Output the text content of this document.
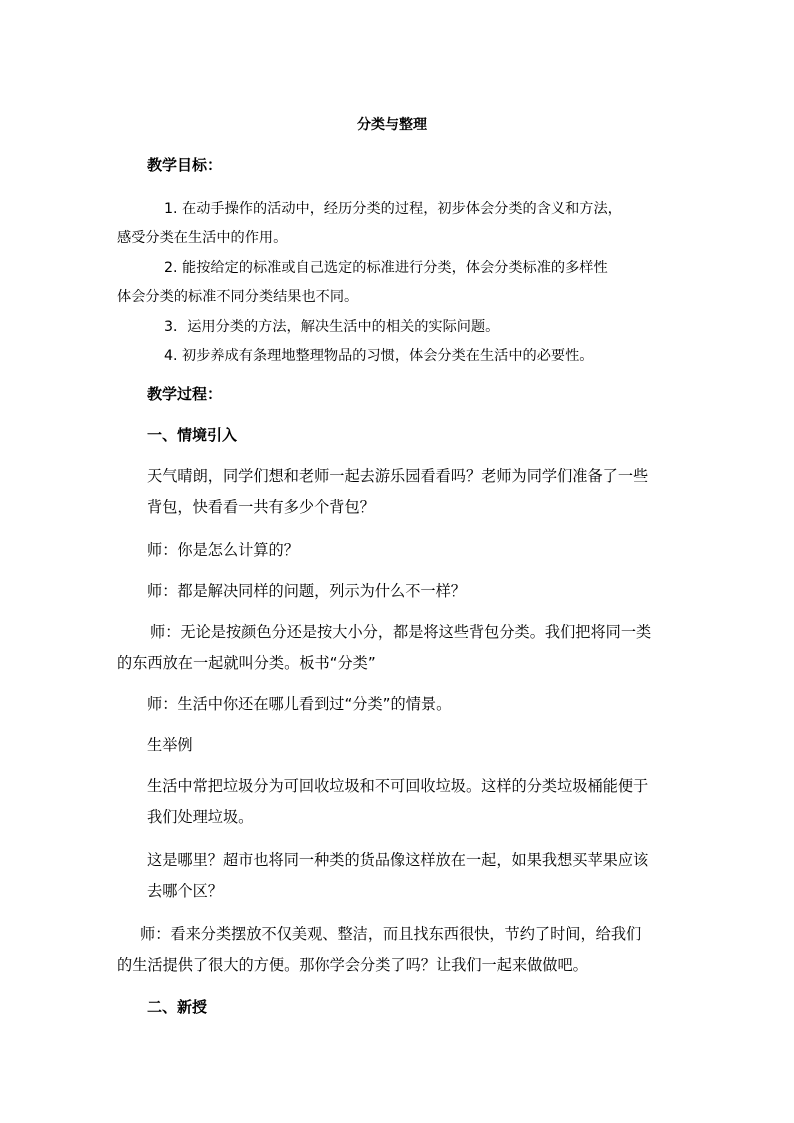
分类与整理
教学目标：
1. 在动手操作的活动中，经历分类的过程，初步体会分类的含义和方法，
感受分类在生活中的作用。
2. 能按给定的标准或自己选定的标准进行分类，体会分类标准的多样性
体会分类的标准不同分类结果也不同。
3．运用分类的方法，解决生活中的相关的实际问题。
4. 初步养成有条理地整理物品的习惯，体会分类在生活中的必要性。
教学过程：
一、情境引入
天气晴朗，同学们想和老师一起去游乐园看看吗？老师为同学们准备了一些
背包，快看看一共有多少个背包？
师：你是怎么计算的？
师：都是解决同样的问题，列示为什么不一样？
师：无论是按颜色分还是按大小分，都是将这些背包分类。我们把将同一类
的东西放在一起就叫分类。板书“分类”
师：生活中你还在哪儿看到过“分类”的情景。
生举例
生活中常把垃圾分为可回收垃圾和不可回收垃圾。这样的分类垃圾桶能便于
我们处理垃圾。
这是哪里？超市也将同一种类的货品像这样放在一起，如果我想买苹果应该
去哪个区？
师：看来分类摆放不仅美观、整洁，而且找东西很快，节约了时间，给我们
的生活提供了很大的方便。那你学会分类了吗？让我们一起来做做吧。
二、新授
